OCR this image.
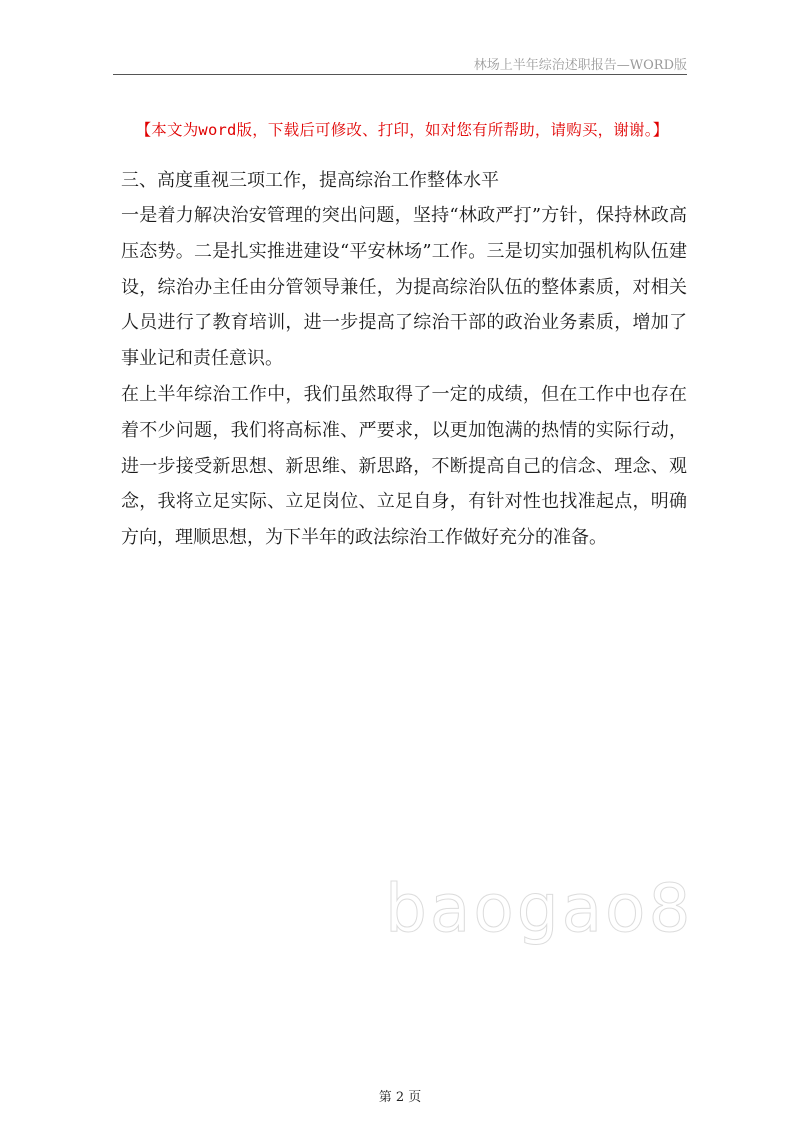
林场上半年综治述职报告—WORD版
【本文为word版，下载后可修改、打印，如对您有所帮助，请购买，谢谢。】

三、高度重视三项工作，提高综治工作整体水平

一是着力解决治安管理的突出问题，坚持“林政严打”方针，保持林政高压态势。二是扎实推进建设“平安林场”工作。三是切实加强机构队伍建设，综治办主任由分管领导兼任，为提高综治队伍的整体素质，对相关人员进行了教育培训，进一步提高了综治干部的政治业务素质，增加了事业记和责任意识。

在上半年综治工作中，我们虽然取得了一定的成绩，但在工作中也存在着不少问题，我们将高标准、严要求，以更加饱满的热情的实际行动，进一步接受新思想、新思维、新思路，不断提高自己的信念、理念、观念，我将立足实际、立足岗位、立足自身，有针对性也找准起点，明确方向，理顺思想，为下半年的政法综治工作做好充分的准备。

baogao8
第 2 页
